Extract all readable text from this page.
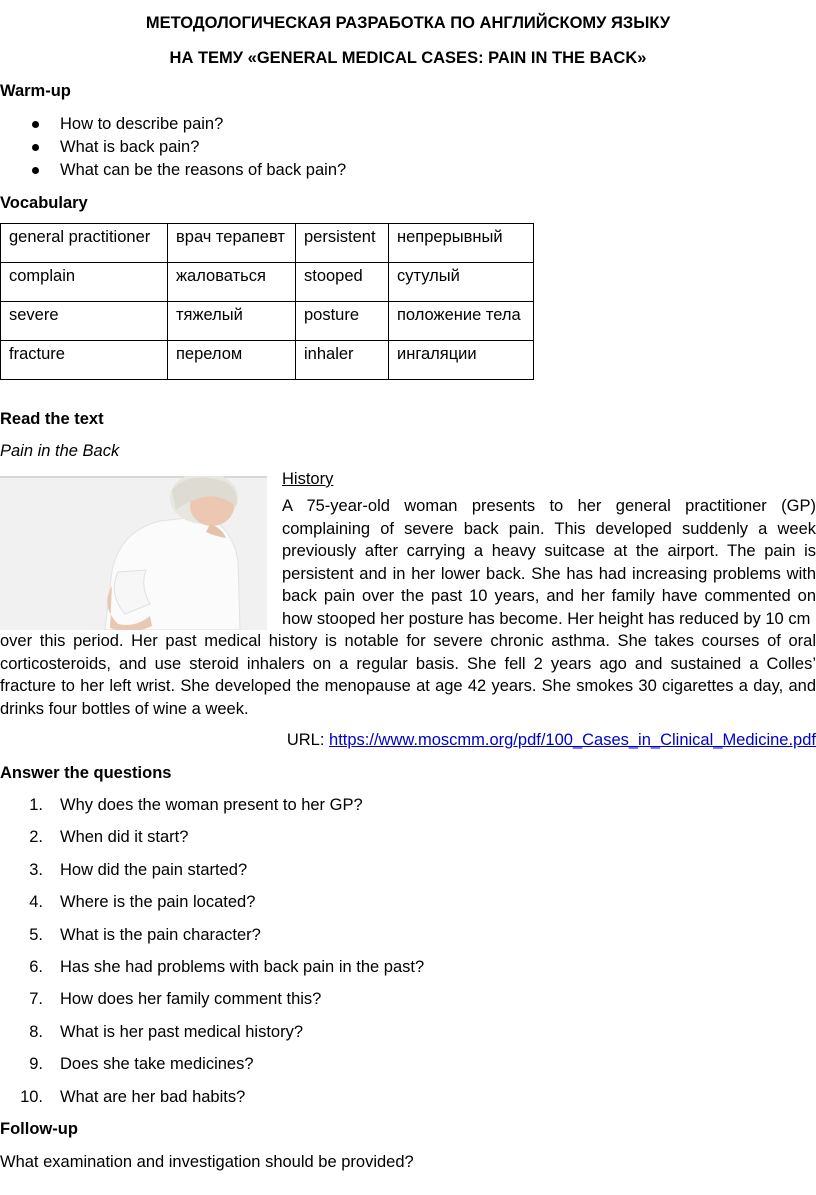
МЕТОДОЛОГИЧЕСКАЯ РАЗРАБОТКА ПО АНГЛИЙСКОМУ ЯЗЫКУ
НА ТЕМУ «GENERAL MEDICAL CASES: PAIN IN THE BACK»
Warm-up
How to describe pain?
What is back pain?
What can be the reasons of back pain?
Vocabulary
general practitioner	врач терапевт	persistent	непрерывный
complain	жаловаться	stooped	сутулый
severe	тяжелый	posture	положение тела
fracture	перелом	inhaler	ингаляции
Read the text
Pain in the Back
History
A 75-year-old woman presents to her general practitioner (GP) complaining of severe back pain. This developed suddenly a week previously after carrying a heavy suitcase at the airport. The pain is persistent and in her lower back. She has had increasing problems with back pain over the past 10 years, and her family have commented on how stooped her posture has become. Her height has reduced by 10 cm
over this period. Her past medical history is notable for severe chronic asthma. She takes courses of oral corticosteroids, and use steroid inhalers on a regular basis. She fell 2 years ago and sustained a Colles’ fracture to her left wrist. She developed the menopause at age 42 years. She smokes 30 cigarettes a day, and drinks four bottles of wine a week.
URL: https://www.moscmm.org/pdf/100_Cases_in_Clinical_Medicine.pdf
Answer the questions
1. Why does the woman present to her GP?
2. When did it start?
3. How did the pain started?
4. Where is the pain located?
5. What is the pain character?
6. Has she had problems with back pain in the past?
7. How does her family comment this?
8. What is her past medical history?
9. Does she take medicines?
10. What are her bad habits?
Follow-up
What examination and investigation should be provided?
